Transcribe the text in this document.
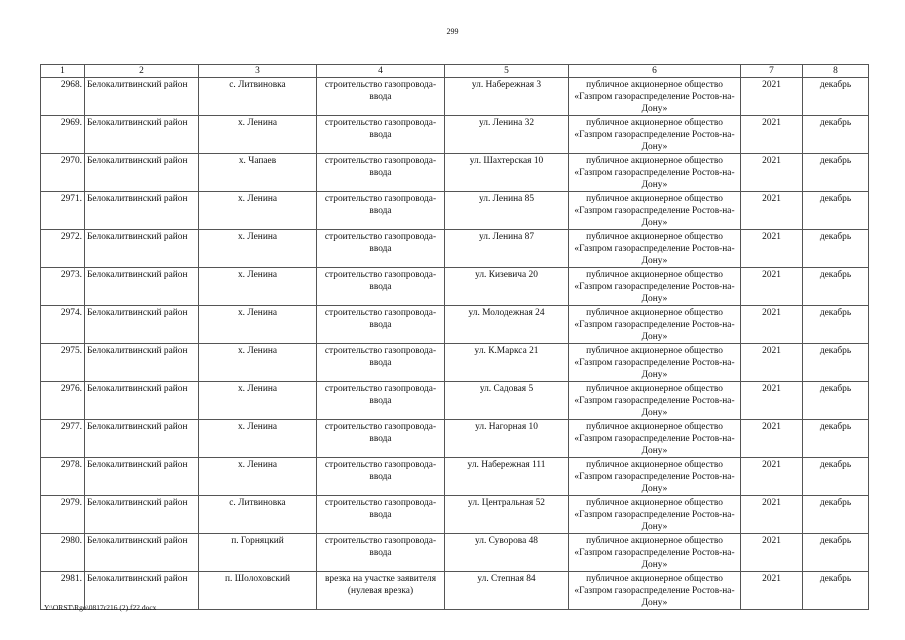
299
1	2	3	4	5	6	7	8
2968.	Белокалитвинский район	с. Литвиновка	строительство газопровода-ввода	ул. Набережная 3	публичное акционерное общество «Газпром газораспределение Ростов-на-Дону»	2021	декабрь
2969.	Белокалитвинский район	х. Ленина	строительство газопровода-ввода	ул. Ленина 32	публичное акционерное общество «Газпром газораспределение Ростов-на-Дону»	2021	декабрь
2970.	Белокалитвинский район	х. Чапаев	строительство газопровода-ввода	ул. Шахтерская 10	публичное акционерное общество «Газпром газораспределение Ростов-на-Дону»	2021	декабрь
2971.	Белокалитвинский район	х. Ленина	строительство газопровода-ввода	ул. Ленина 85	публичное акционерное общество «Газпром газораспределение Ростов-на-Дону»	2021	декабрь
2972.	Белокалитвинский район	х. Ленина	строительство газопровода-ввода	ул. Ленина 87	публичное акционерное общество «Газпром газораспределение Ростов-на-Дону»	2021	декабрь
2973.	Белокалитвинский район	х. Ленина	строительство газопровода-ввода	ул. Кизевича 20	публичное акционерное общество «Газпром газораспределение Ростов-на-Дону»	2021	декабрь
2974.	Белокалитвинский район	х. Ленина	строительство газопровода-ввода	ул. Молодежная 24	публичное акционерное общество «Газпром газораспределение Ростов-на-Дону»	2021	декабрь
2975.	Белокалитвинский район	х. Ленина	строительство газопровода-ввода	ул. К.Маркса 21	публичное акционерное общество «Газпром газораспределение Ростов-на-Дону»	2021	декабрь
2976.	Белокалитвинский район	х. Ленина	строительство газопровода-ввода	ул. Садовая 5	публичное акционерное общество «Газпром газораспределение Ростов-на-Дону»	2021	декабрь
2977.	Белокалитвинский район	х. Ленина	строительство газопровода-ввода	ул. Нагорная 10	публичное акционерное общество «Газпром газораспределение Ростов-на-Дону»	2021	декабрь
2978.	Белокалитвинский район	х. Ленина	строительство газопровода-ввода	ул. Набережная 111	публичное акционерное общество «Газпром газораспределение Ростов-на-Дону»	2021	декабрь
2979.	Белокалитвинский район	с. Литвиновка	строительство газопровода-ввода	ул. Центральная 52	публичное акционерное общество «Газпром газораспределение Ростов-на-Дону»	2021	декабрь
2980.	Белокалитвинский район	п. Горняцкий	строительство газопровода-ввода	ул. Суворова 48	публичное акционерное общество «Газпром газораспределение Ростов-на-Дону»	2021	декабрь
2981.	Белокалитвинский район	п. Шолоховский	врезка на участке заявителя (нулевая врезка)	ул. Степная 84	публичное акционерное общество «Газпром газораспределение Ростов-на-Дону»	2021	декабрь
Y:\ORST\Rgo\0817r216 (2).f22.docx
